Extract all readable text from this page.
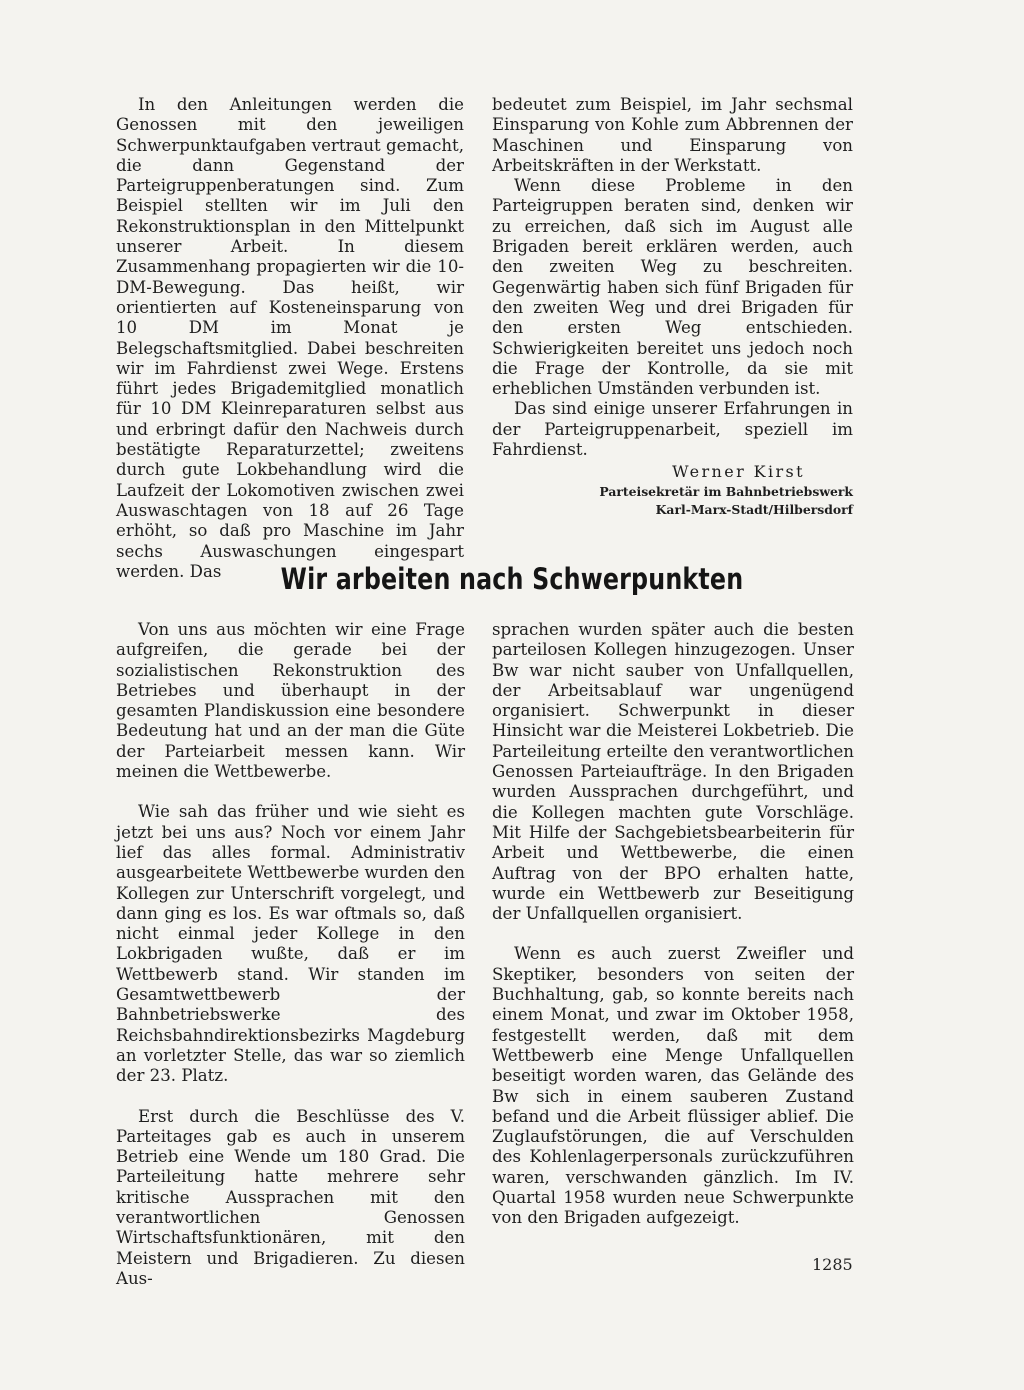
In den Anleitungen werden die Genossen mit den jeweiligen Schwerpunktaufgaben vertraut gemacht, die dann Gegenstand der Parteigruppenberatungen sind. Zum Beispiel stellten wir im Juli den Rekonstruktionsplan in den Mittelpunkt unserer Arbeit. In diesem Zusammenhang propagierten wir die 10-DM-Bewegung. Das heißt, wir orientierten auf Kosteneinsparung von 10 DM im Monat je Belegschaftsmitglied. Dabei beschreiten wir im Fahrdienst zwei Wege. Erstens führt jedes Brigademitglied monatlich für 10 DM Kleinreparaturen selbst aus und erbringt dafür den Nachweis durch bestätigte Reparaturzettel; zweitens durch gute Lokbehandlung wird die Laufzeit der Lokomotiven zwischen zwei Auswaschtagen von 18 auf 26 Tage erhöht, so daß pro Maschine im Jahr sechs Auswaschungen eingespart werden. Das

bedeutet zum Beispiel, im Jahr sechsmal Einsparung von Kohle zum Abbrennen der Maschinen und Einsparung von Arbeitskräften in der Werkstatt.

Wenn diese Probleme in den Parteigruppen beraten sind, denken wir zu erreichen, daß sich im August alle Brigaden bereit erklären werden, auch den zweiten Weg zu beschreiten. Gegenwärtig haben sich fünf Brigaden für den zweiten Weg und drei Brigaden für den ersten Weg entschieden. Schwierigkeiten bereitet uns jedoch noch die Frage der Kontrolle, da sie mit erheblichen Umständen verbunden ist.

Das sind einige unserer Erfahrungen in der Parteigruppenarbeit, speziell im Fahrdienst.

Werner Kirst
Parteisekretär im Bahnbetriebswerk
Karl-Marx-Stadt/Hilbersdorf
Wir arbeiten nach Schwerpunkten

Von uns aus möchten wir eine Frage aufgreifen, die gerade bei der sozialistischen Rekonstruktion des Betriebes und überhaupt in der gesamten Plandiskussion eine besondere Bedeutung hat und an der man die Güte der Parteiarbeit messen kann. Wir meinen die Wettbewerbe.

Wie sah das früher und wie sieht es jetzt bei uns aus? Noch vor einem Jahr lief das alles formal. Administrativ ausgearbeitete Wettbewerbe wurden den Kollegen zur Unterschrift vorgelegt, und dann ging es los. Es war oftmals so, daß nicht einmal jeder Kollege in den Lokbrigaden wußte, daß er im Wettbewerb stand. Wir standen im Gesamtwettbewerb der Bahnbetriebswerke des Reichsbahndirektionsbezirks Magdeburg an vorletzter Stelle, das war so ziemlich der 23. Platz.

Erst durch die Beschlüsse des V. Parteitages gab es auch in unserem Betrieb eine Wende um 180 Grad. Die Parteileitung hatte mehrere sehr kritische Aussprachen mit den verantwortlichen Genossen Wirtschaftsfunktionären, mit den Meistern und Brigadieren. Zu diesen Aus-

sprachen wurden später auch die besten parteilosen Kollegen hinzugezogen. Unser Bw war nicht sauber von Unfallquellen, der Arbeitsablauf war ungenügend organisiert. Schwerpunkt in dieser Hinsicht war die Meisterei Lokbetrieb. Die Parteileitung erteilte den verantwortlichen Genossen Parteiaufträge. In den Brigaden wurden Aussprachen durchgeführt, und die Kollegen machten gute Vorschläge. Mit Hilfe der Sachgebietsbearbeiterin für Arbeit und Wettbewerbe, die einen Auftrag von der BPO erhalten hatte, wurde ein Wettbewerb zur Beseitigung der Unfallquellen organisiert.

Wenn es auch zuerst Zweifler und Skeptiker, besonders von seiten der Buchhaltung, gab, so konnte bereits nach einem Monat, und zwar im Oktober 1958, festgestellt werden, daß mit dem Wettbewerb eine Menge Unfallquellen beseitigt worden waren, das Gelände des Bw sich in einem sauberen Zustand befand und die Arbeit flüssiger ablief. Die Zuglaufstörungen, die auf Verschulden des Kohlenlagerpersonals zurückzuführen waren, verschwanden gänzlich. Im IV. Quartal 1958 wurden neue Schwerpunkte von den Brigaden aufgezeigt.

1285
